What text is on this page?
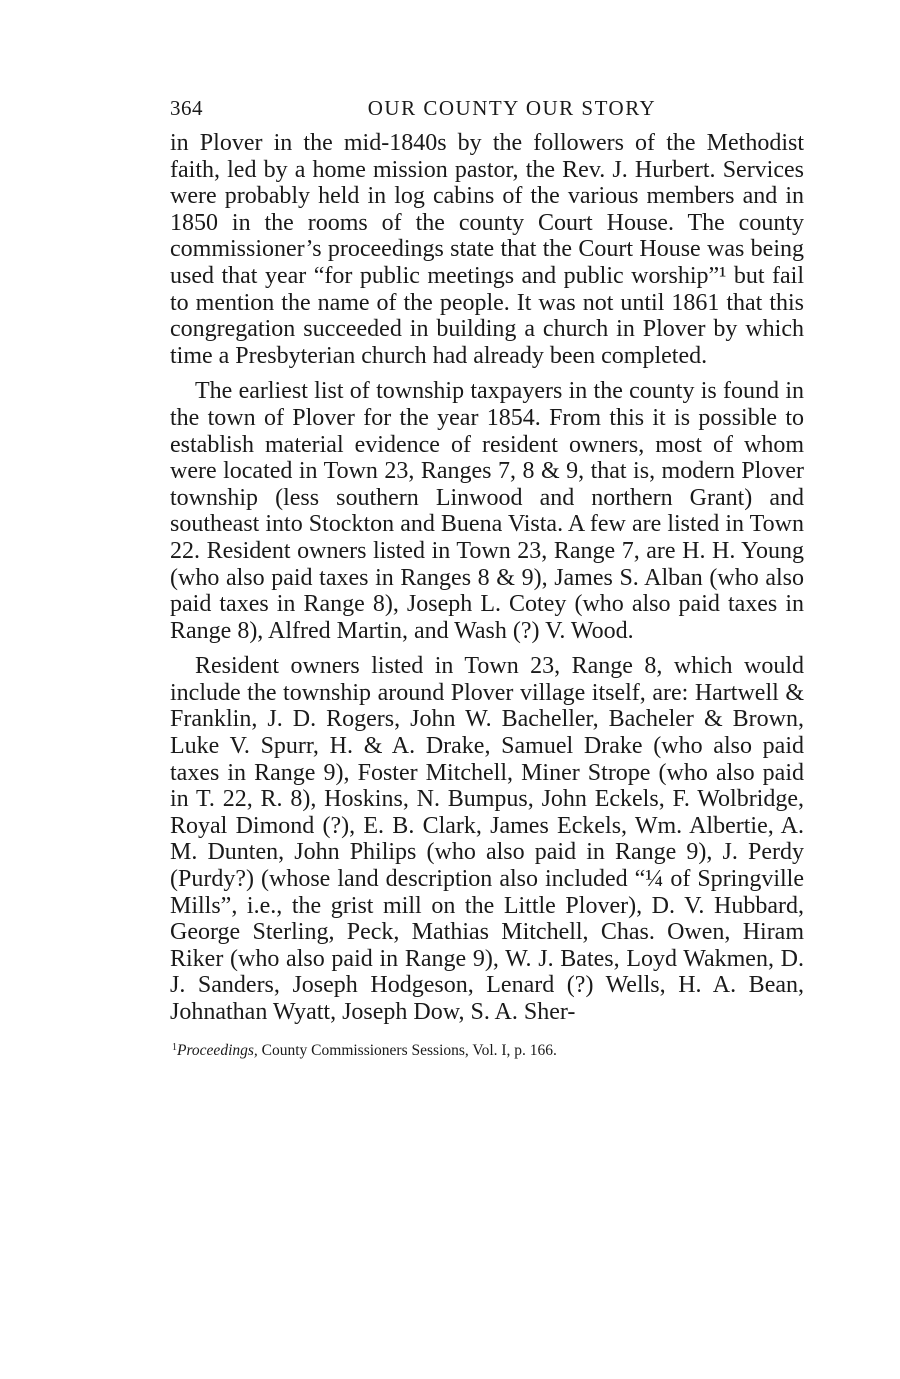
364	OUR COUNTY OUR STORY

in Plover in the mid-1840s by the followers of the Methodist faith, led by a home mission pastor, the Rev. J. Hurbert. Services were probably held in log cabins of the various members and in 1850 in the rooms of the county Court House. The county commissioner’s proceedings state that the Court House was being used that year “for public meetings and public worship”¹ but fail to mention the name of the people. It was not until 1861 that this congregation succeeded in building a church in Plover by which time a Presbyterian church had already been completed.

The earliest list of township taxpayers in the county is found in the town of Plover for the year 1854. From this it is possible to establish material evidence of resident owners, most of whom were located in Town 23, Ranges 7, 8 & 9, that is, modern Plover township (less southern Linwood and northern Grant) and southeast into Stockton and Buena Vista. A few are listed in Town 22. Resident owners listed in Town 23, Range 7, are H. H. Young (who also paid taxes in Ranges 8 & 9), James S. Alban (who also paid taxes in Range 8), Joseph L. Cotey (who also paid taxes in Range 8), Alfred Martin, and Wash (?) V. Wood.

Resident owners listed in Town 23, Range 8, which would include the township around Plover village itself, are: Hartwell & Franklin, J. D. Rogers, John W. Bacheller, Bacheler & Brown, Luke V. Spurr, H. & A. Drake, Samuel Drake (who also paid taxes in Range 9), Foster Mitchell, Miner Strope (who also paid in T. 22, R. 8), Hoskins, N. Bumpus, John Eckels, F. Wolbridge, Royal Dimond (?), E. B. Clark, James Eckels, Wm. Albertie, A. M. Dunten, John Philips (who also paid in Range 9), J. Perdy (Purdy?) (whose land description also included “¼ of Springville Mills”, i.e., the grist mill on the Little Plover), D. V. Hubbard, George Sterling, Peck, Mathias Mitchell, Chas. Owen, Hiram Riker (who also paid in Range 9), W. J. Bates, Loyd Wakmen, D. J. Sanders, Joseph Hodgeson, Lenard (?) Wells, H. A. Bean, Johnathan Wyatt, Joseph Dow, S. A. Sher-

$^1$Proceedings, County Commissioners Sessions, Vol. I, p. 166.
